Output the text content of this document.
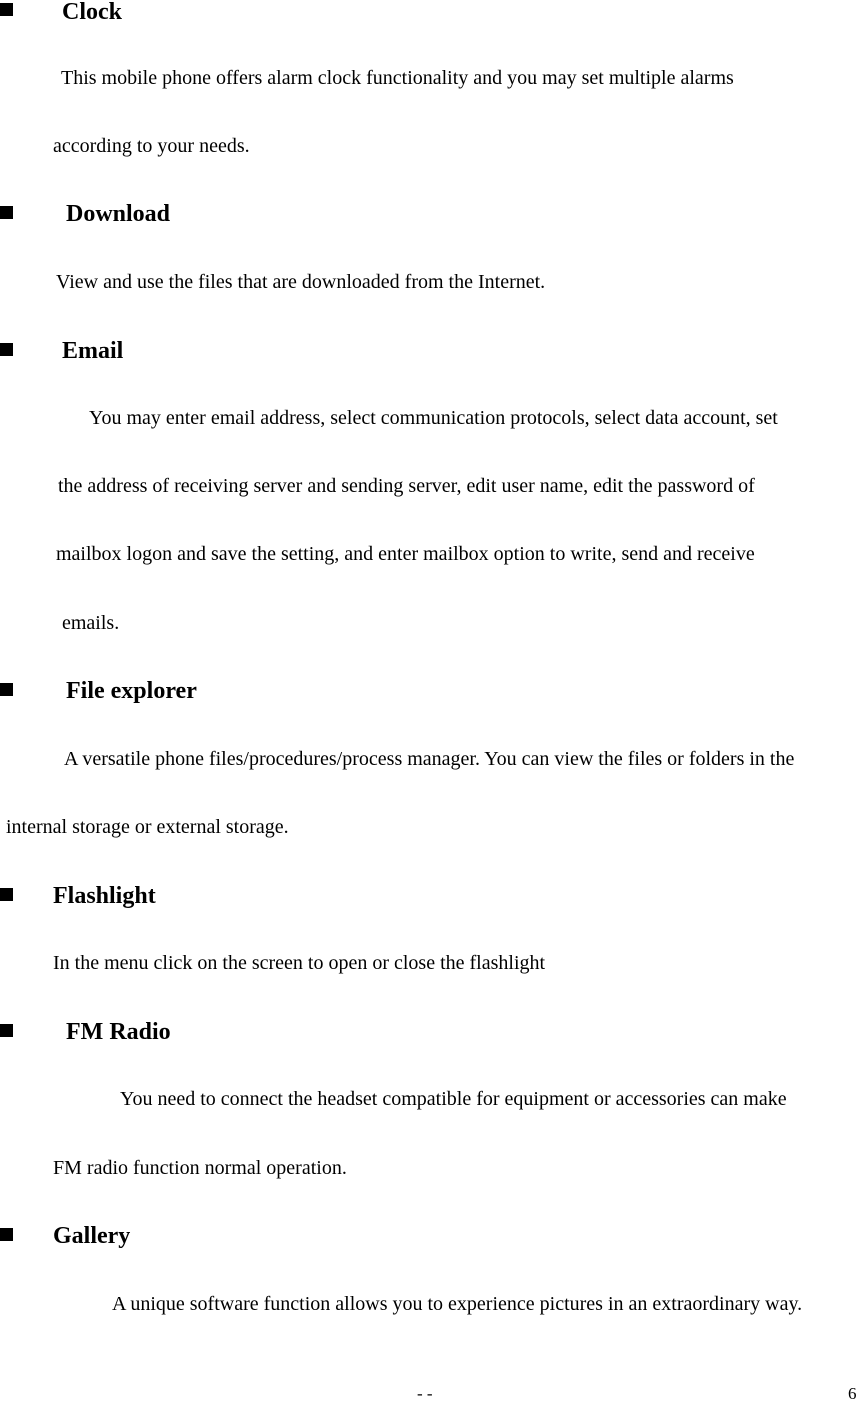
Clock
This mobile phone offers alarm clock functionality and you may set multiple alarms
according to your needs.
Download
View and use the files that are downloaded from the Internet.
Email
You may enter email address, select communication protocols, select data account, set
the address of receiving server and sending server, edit user name, edit the password of
mailbox logon and save the setting, and enter mailbox option to write, send and receive
emails.
File explorer
A versatile phone files/procedures/process manager. You can view the files or folders in the
internal storage or external storage.
Flashlight
In the menu click on the screen to open or close the flashlight
FM Radio
You need to connect the headset compatible for equipment or accessories can make
FM radio function normal operation.
Gallery
A unique software function allows you to experience pictures in an extraordinary way.
- -	6
